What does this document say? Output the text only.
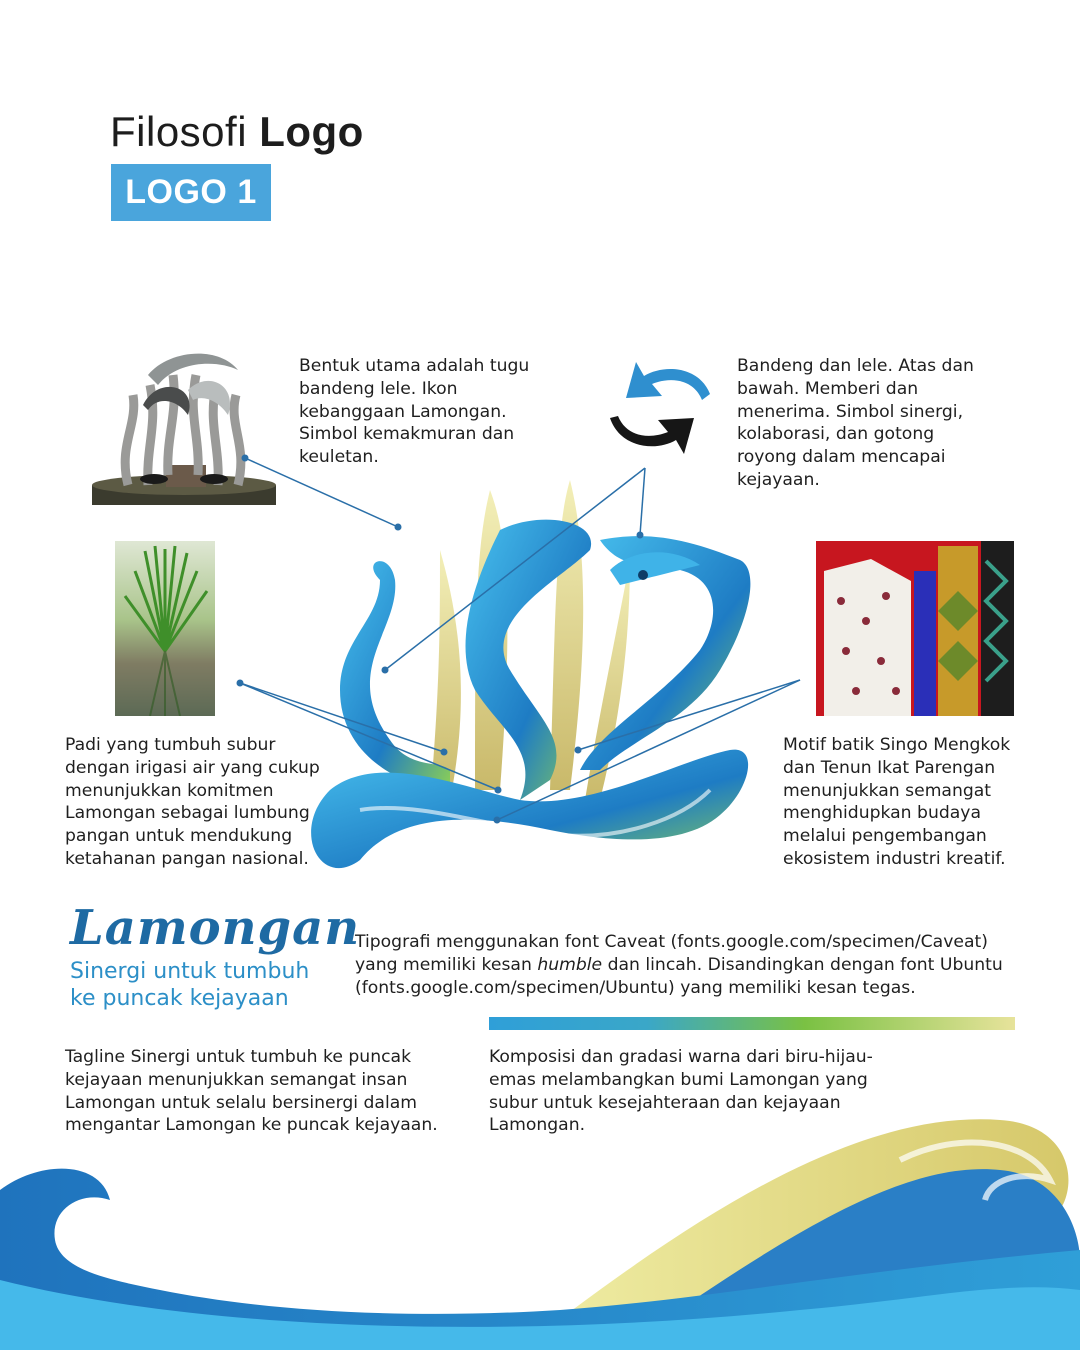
Filosofi Logo
LOGO 1
Bentuk utama adalah tugu bandeng lele. Ikon kebanggaan Lamongan. Simbol kemakmuran dan keuletan.
Bandeng dan lele. Atas dan bawah. Memberi dan menerima. Simbol sinergi, kolaborasi, dan gotong royong dalam mencapai kejayaan.
Padi yang tumbuh subur dengan irigasi air yang cukup menunjukkan komitmen Lamongan sebagai lumbung pangan untuk mendukung ketahanan pangan nasional.
Motif batik Singo Mengkok dan Tenun Ikat Parengan menunjukkan semangat menghidupkan budaya melalui pengembangan ekosistem industri kreatif.
Lamongan
Sinergi untuk tumbuh
ke puncak kejayaan
Tipografi menggunakan font Caveat (fonts.google.com/specimen/Caveat) yang memiliki kesan humble dan lincah. Disandingkan dengan font Ubuntu (fonts.google.com/specimen/Ubuntu) yang memiliki kesan tegas.
Tagline Sinergi untuk tumbuh ke puncak kejayaan menunjukkan semangat insan Lamongan untuk selalu bersinergi dalam mengantar Lamongan ke puncak kejayaan.
Komposisi dan gradasi warna dari biru-hijau-emas melambangkan bumi Lamongan yang subur untuk kesejahteraan dan kejayaan Lamongan.
